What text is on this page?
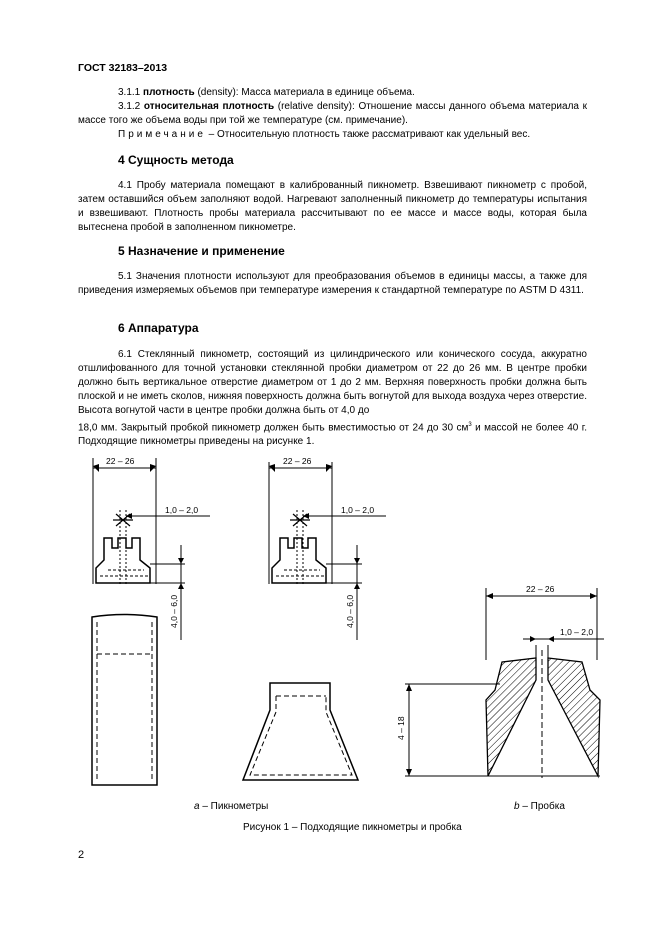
ГОСТ 32183–2013

3.1.1 плотность (density): Масса материала в единице объема.

3.1.2 относительная плотность (relative density): Отношение массы данного объема материала к массе того же объема воды при той же температуре (см. примечание).

Примечание – Относительную плотность также рассматривают как удельный вес.

4 Сущность метода

4.1 Пробу материала помещают в калиброванный пикнометр. Взвешивают пикнометр с пробой, затем оставшийся объем заполняют водой. Нагревают заполненный пикнометр до температуры испытания и взвешивают. Плотность пробы материала рассчитывают по ее массе и массе воды, которая была вытеснена пробой в заполненном пикнометре.

5 Назначение и применение

5.1 Значения плотности используют для преобразования объемов в единицы массы, а также для приведения измеряемых объемов при температуре измерения к стандартной температуре по ASTM D 4311.

6 Аппаратура

6.1 Стеклянный пикнометр, состоящий из цилиндрического или конического сосуда, аккуратно отшлифованного для точной установки стеклянной пробки диаметром от 22 до 26 мм. В центре пробки должно быть вертикальное отверстие диаметром от 1 до 2 мм. Верхняя поверхность пробки должна быть плоской и не иметь сколов, нижняя поверхность должна быть вогнутой для выхода воздуха через отверстие. Высота вогнутой части в центре пробки должна быть от 4,0 до

18,0 мм. Закрытый пробкой пикнометр должен быть вместимостью от 24 до 30 $см^3$ и массой не более 40 г. Подходящие пикнометры приведены на рисунке 1.

22 – 26	22 – 26
22 – 26
1,0 – 2,0	1,0 – 2,0
1,0 – 2,0
4,0 – 6,0	4,0 – 6,0
4 – 18
a – Пикнометры	b – Пробка
Рисунок 1 – Подходящие пикнометры и пробка
2
